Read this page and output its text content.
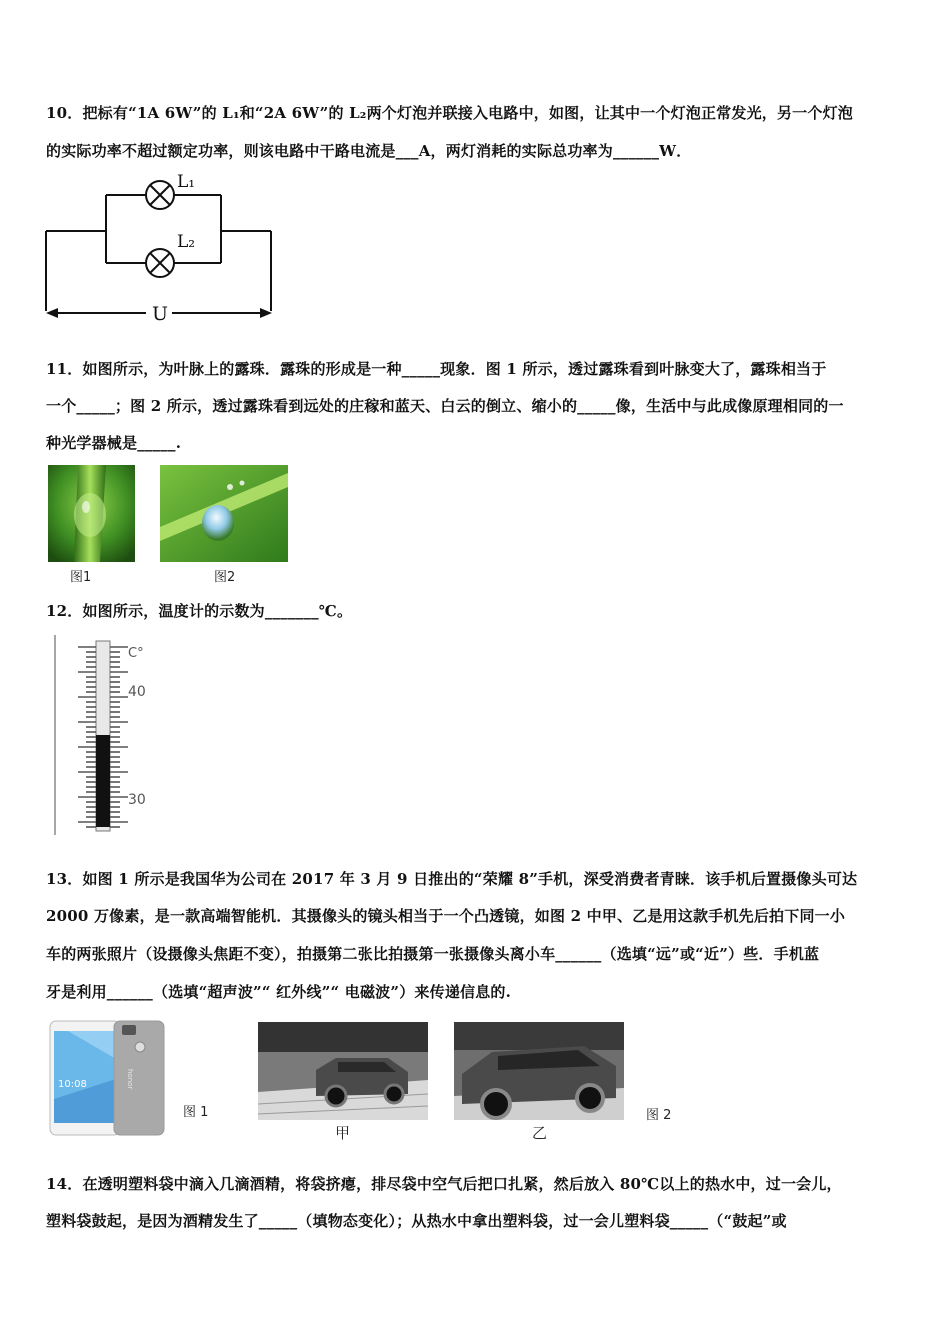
10．把标有“1A 6W”的 L₁和“2A 6W”的 L₂两个灯泡并联接入电路中，如图，让其中一个灯泡正常发光，另一个灯泡
的实际功率不超过额定功率，则该电路中干路电流是___A，两灯消耗的实际总功率为______W．
L₁
L₂
U
11．如图所示，为叶脉上的露珠．露珠的形成是一种_____现象．图 1 所示，透过露珠看到叶脉变大了，露珠相当于
一个_____；图 2 所示，透过露珠看到远处的庄稼和蓝天、白云的倒立、缩小的_____像，生活中与此成像原理相同的一
种光学器械是_____.
图1	图2
12．如图所示，温度计的示数为_______℃。
C°
40
30
13．如图 1 所示是我国华为公司在 2017 年 3 月 9 日推出的“荣耀 8”手机，深受消费者青睐．该手机后置摄像头可达
2000 万像素，是一款高端智能机．其摄像头的镜头相当于一个凸透镜，如图 2 中甲、乙是用这款手机先后拍下同一小
车的两张照片（设摄像头焦距不变），拍摄第二张比拍摄第一张摄像头离小车______（选填“远”或“近”）些．手机蓝
牙是利用______（选填“超声波”“ 红外线”“ 电磁波”）来传递信息的.
10:08	honor
图 1
甲	乙
图 2
14．在透明塑料袋中滴入几滴酒精，将袋挤瘪，排尽袋中空气后把口扎紧，然后放入 80℃以上的热水中，过一会儿，
塑料袋鼓起，是因为酒精发生了_____（填物态变化）；从热水中拿出塑料袋，过一会儿塑料袋_____（“鼓起”或
